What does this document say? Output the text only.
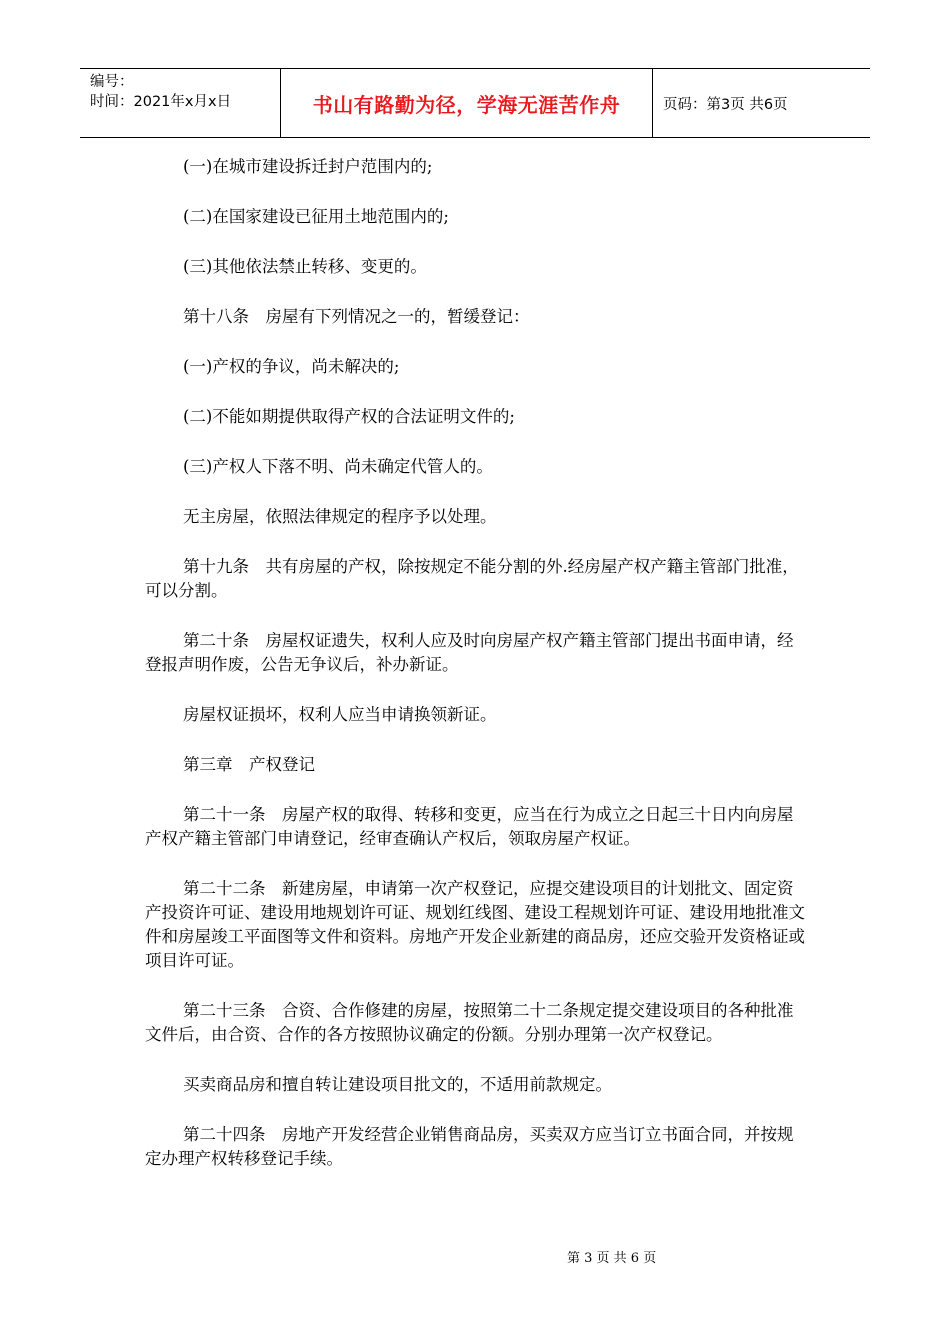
编号：
时间：2021年x月x日	书山有路勤为径，学海无涯苦作舟	页码：第3页 共6页

(一)在城市建设拆迁封户范围内的;

(二)在国家建设已征用土地范围内的;

(三)其他依法禁止转移、变更的。

第十八条　房屋有下列情况之一的，暂缓登记：

(一)产权的争议，尚未解决的;

(二)不能如期提供取得产权的合法证明文件的;

(三)产权人下落不明、尚未确定代管人的。

无主房屋，依照法律规定的程序予以处理。

第十九条　共有房屋的产权，除按规定不能分割的外.经房屋产权产籍主管部门批准，可以分割。

第二十条　房屋权证遗失，权利人应及时向房屋产权产籍主管部门提出书面申请，经登报声明作废，公告无争议后，补办新证。

房屋权证损坏，权利人应当申请换领新证。

第三章　产权登记

第二十一条　房屋产权的取得、转移和变更，应当在行为成立之日起三十日内向房屋产权产籍主管部门申请登记，经审查确认产权后，领取房屋产权证。

第二十二条　新建房屋，申请第一次产权登记，应提交建设项目的计划批文、固定资产投资许可证、建设用地规划许可证、规划红线图、建设工程规划许可证、建设用地批准文件和房屋竣工平面图等文件和资料。房地产开发企业新建的商品房，还应交验开发资格证或项目许可证。

第二十三条　合资、合作修建的房屋，按照第二十二条规定提交建设项目的各种批准文件后，由合资、合作的各方按照协议确定的份额。分别办理第一次产权登记。

买卖商品房和擅自转让建设项目批文的，不适用前款规定。

第二十四条　房地产开发经营企业销售商品房，买卖双方应当订立书面合同，并按规定办理产权转移登记手续。

第 3 页 共 6 页
